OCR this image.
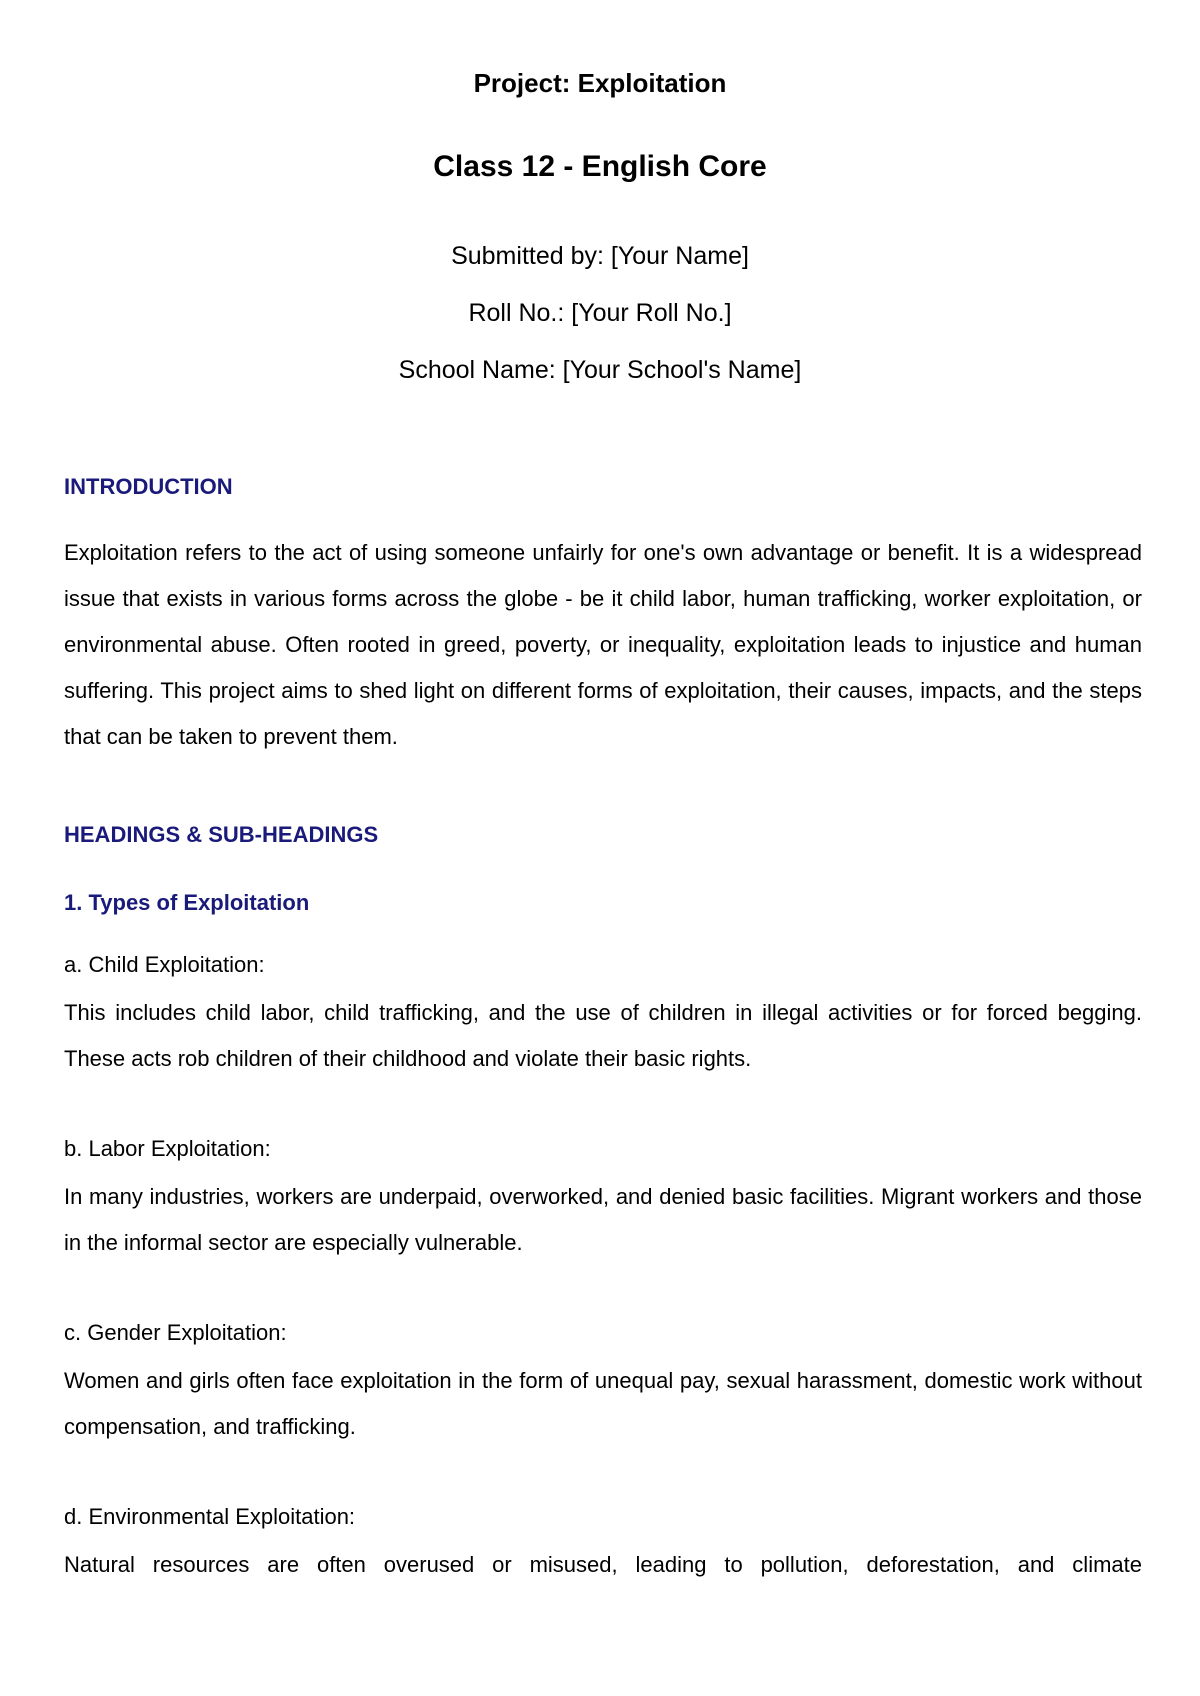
Project: Exploitation
Class 12 - English Core
Submitted by: [Your Name]
Roll No.: [Your Roll No.]
School Name: [Your School's Name]
INTRODUCTION

Exploitation refers to the act of using someone unfairly for one's own advantage or benefit. It is a widespread issue that exists in various forms across the globe - be it child labor, human trafficking, worker exploitation, or environmental abuse. Often rooted in greed, poverty, or inequality, exploitation leads to injustice and human suffering. This project aims to shed light on different forms of exploitation, their causes, impacts, and the steps that can be taken to prevent them.

HEADINGS & SUB-HEADINGS
1. Types of Exploitation
a. Child Exploitation:

This includes child labor, child trafficking, and the use of children in illegal activities or for forced begging. These acts rob children of their childhood and violate their basic rights.

b. Labor Exploitation:

In many industries, workers are underpaid, overworked, and denied basic facilities. Migrant workers and those in the informal sector are especially vulnerable.

c. Gender Exploitation:

Women and girls often face exploitation in the form of unequal pay, sexual harassment, domestic work without compensation, and trafficking.

d. Environmental Exploitation:

Natural resources are often overused or misused, leading to pollution, deforestation, and climate
